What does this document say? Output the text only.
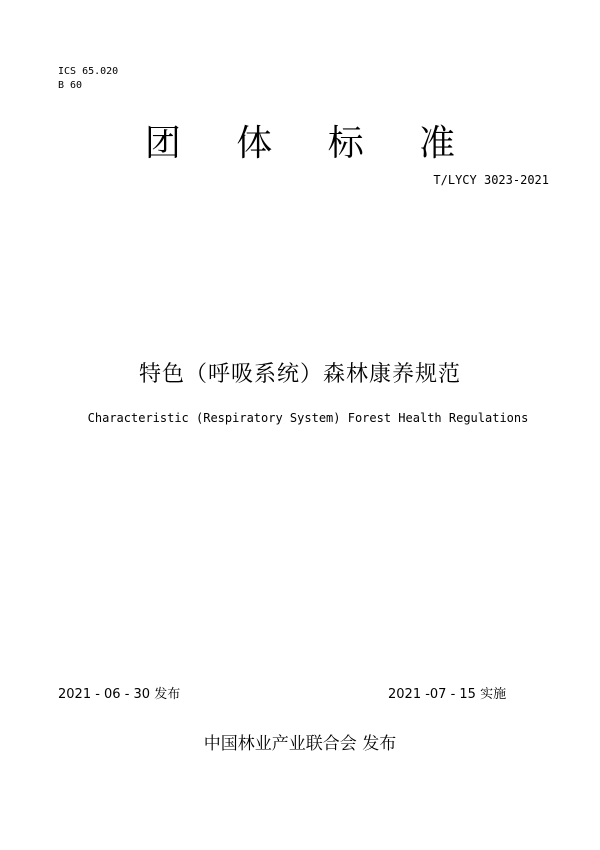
ICS 65.020
B 60
团 体 标 准
T/LYCY 3023-2021
特色（呼吸系统）森林康养规范
Characteristic (Respiratory System) Forest Health Regulations
2021 - 06 - 30 发布	2021 -07 - 15 实施
中国林业产业联合会 发布
